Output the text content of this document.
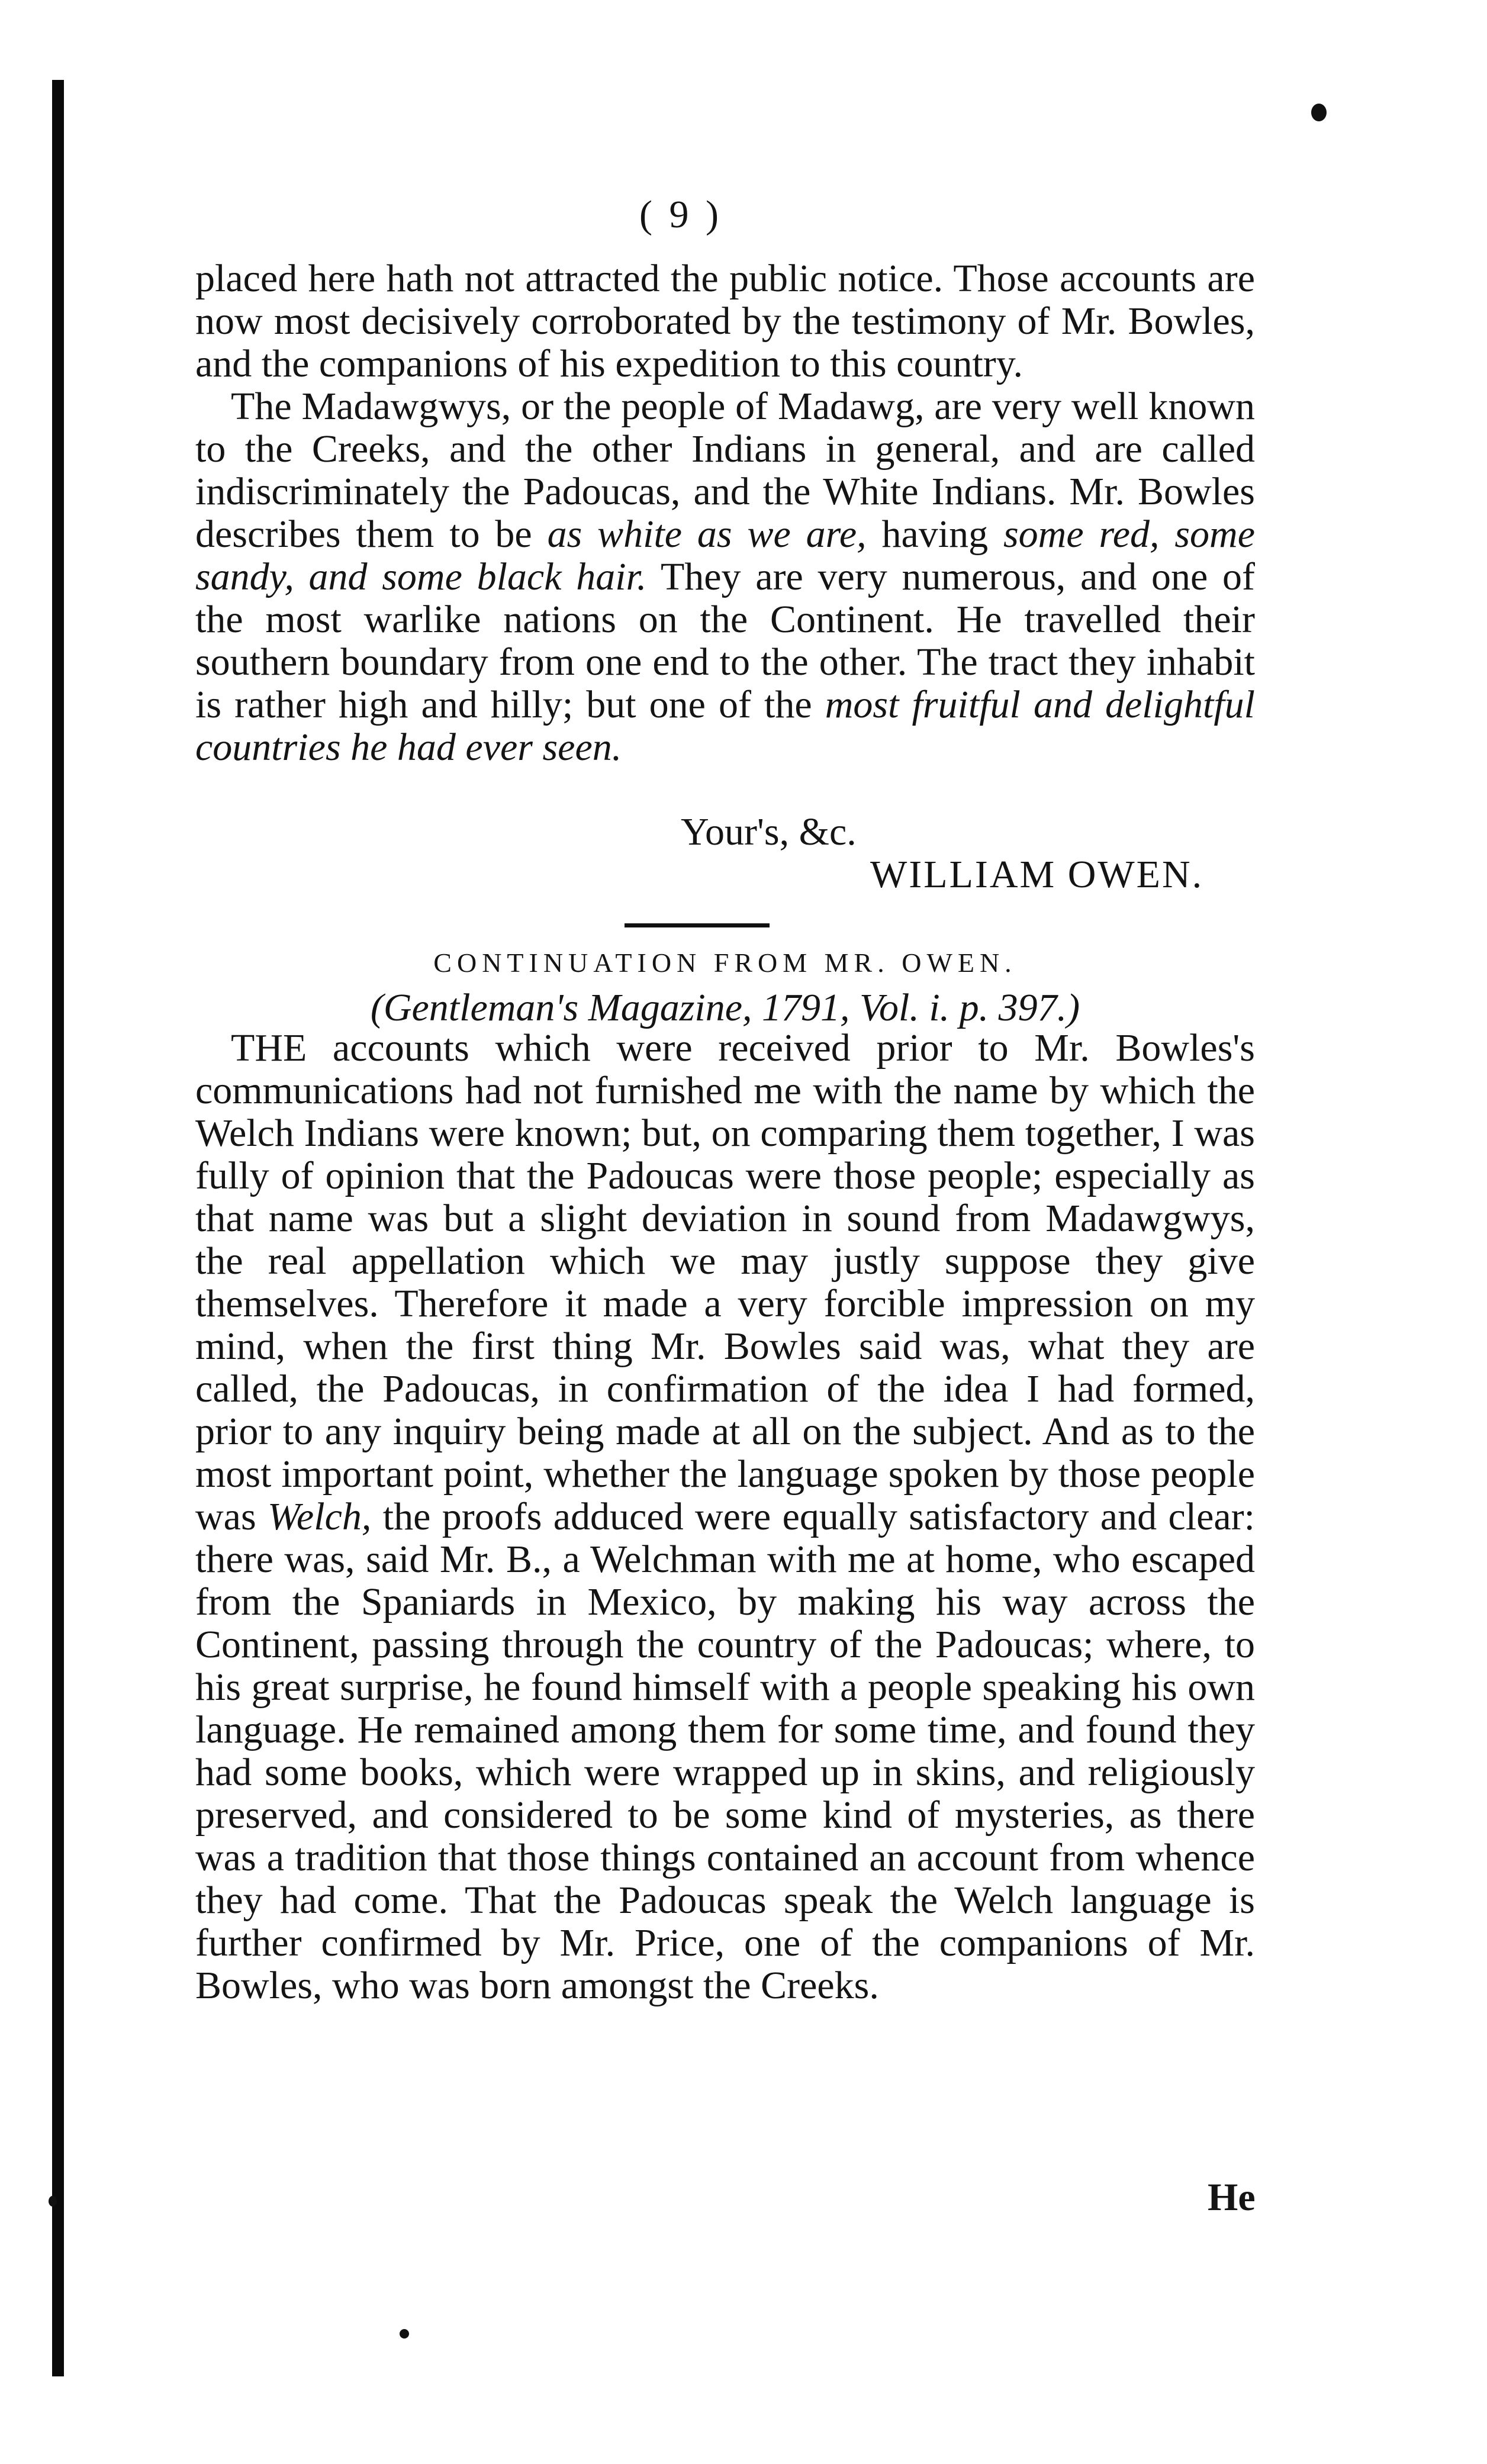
( 9 )

placed here hath not attracted the public notice. Those accounts are now most decisively corroborated by the testimony of Mr. Bowles, and the companions of his expedition to this country.

The Madawgwys, or the people of Madawg, are very well known to the Creeks, and the other Indians in general, and are called indiscriminately the Padoucas, and the White Indians. Mr. Bowles describes them to be as white as we are, having some red, some sandy, and some black hair. They are very numerous, and one of the most warlike nations on the Continent. He travelled their southern boundary from one end to the other. The tract they inhabit is rather high and hilly; but one of the most fruitful and delightful countries he had ever seen.

Your's, &c.
WILLIAM OWEN.
CONTINUATION FROM MR. OWEN.
(Gentleman's Magazine, 1791, Vol. i. p. 397.)

THE accounts which were received prior to Mr. Bowles's communications had not furnished me with the name by which the Welch Indians were known; but, on comparing them together, I was fully of opinion that the Padoucas were those people; especially as that name was but a slight deviation in sound from Madawgwys, the real appellation which we may justly suppose they give themselves. Therefore it made a very forcible impression on my mind, when the first thing Mr. Bowles said was, what they are called, the Padoucas, in confirmation of the idea I had formed, prior to any inquiry being made at all on the subject. And as to the most important point, whether the language spoken by those people was Welch, the proofs adduced were equally satisfactory and clear: there was, said Mr. B., a Welchman with me at home, who escaped from the Spaniards in Mexico, by making his way across the Continent, passing through the country of the Padoucas; where, to his great surprise, he found himself with a people speaking his own language. He remained among them for some time, and found they had some books, which were wrapped up in skins, and religiously preserved, and considered to be some kind of mysteries, as there was a tradition that those things contained an account from whence they had come. That the Padoucas speak the Welch language is further confirmed by Mr. Price, one of the companions of Mr. Bowles, who was born amongst the Creeks.

He
